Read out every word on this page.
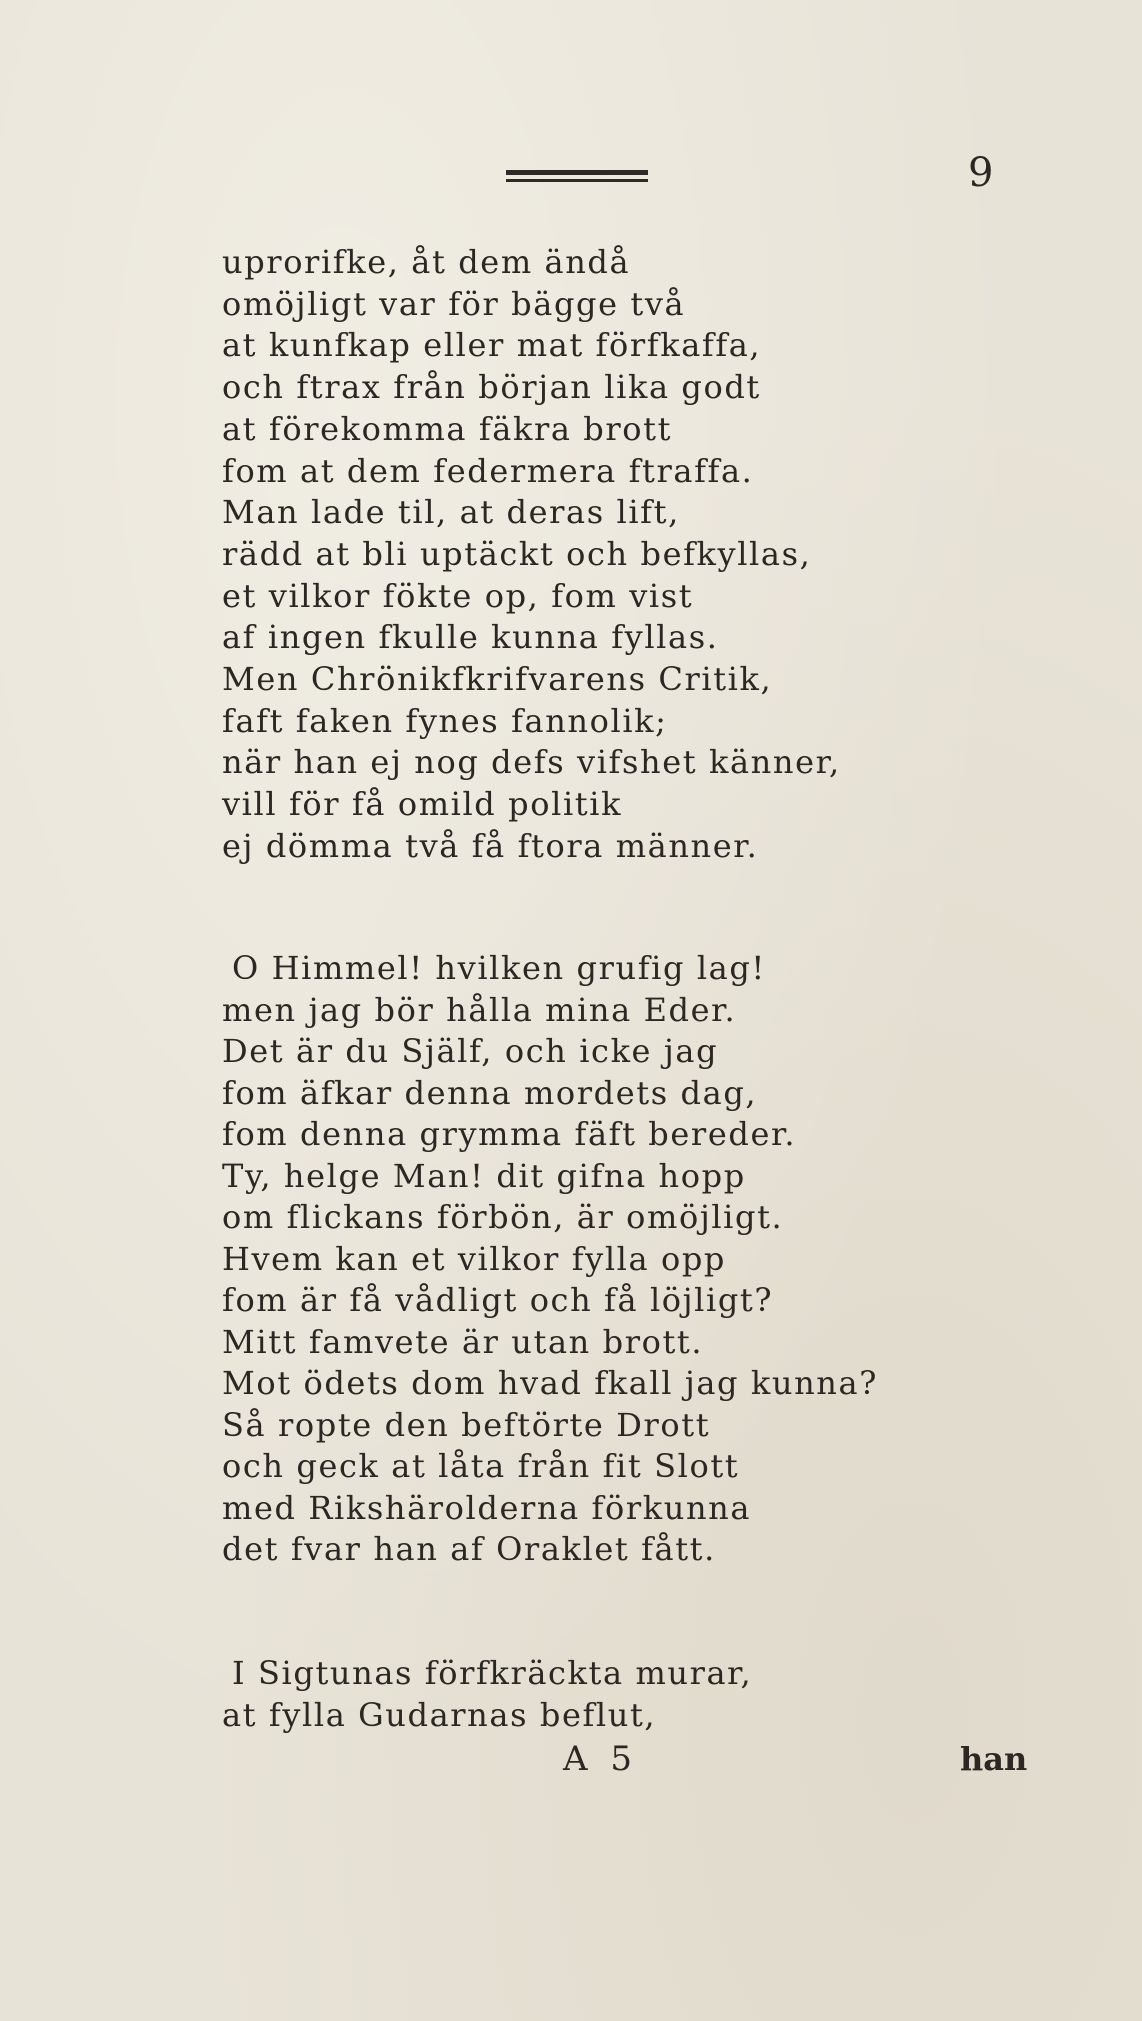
9
uprorifke, åt dem ändå
omöjligt var för bägge två
at kunfkap eller mat förfkaffa,
och ftrax från början lika godt
at förekomma fäkra brott
fom at dem federmera ftraffa.
Man lade til, at deras lift,
rädd at bli uptäckt och befkyllas,
et vilkor fökte op, fom vist
af ingen fkulle kunna fyllas.
Men Chrönikfkrifvarens Critik,
faft faken fynes fannolik;
när han ej nog defs vifshet känner,
vill för få omild politik
ej dömma två få ftora männer.
O Himmel! hvilken grufig lag!
men jag bör hålla mina Eder.
Det är du Själf, och icke jag
fom äfkar denna mordets dag,
fom denna grymma fäft bereder.
Ty, helge Man! dit gifna hopp
om flickans förbön, är omöjligt.
Hvem kan et vilkor fylla opp
fom är få vådligt och få löjligt?
Mitt famvete är utan brott.
Mot ödets dom hvad fkall jag kunna?
Så ropte den beftörte Drott
och geck at låta från fit Slott
med Rikshärolderna förkunna
det fvar han af Oraklet fått.
I Sigtunas förfkräckta murar,
at fylla Gudarnas beflut,
A 5	han
